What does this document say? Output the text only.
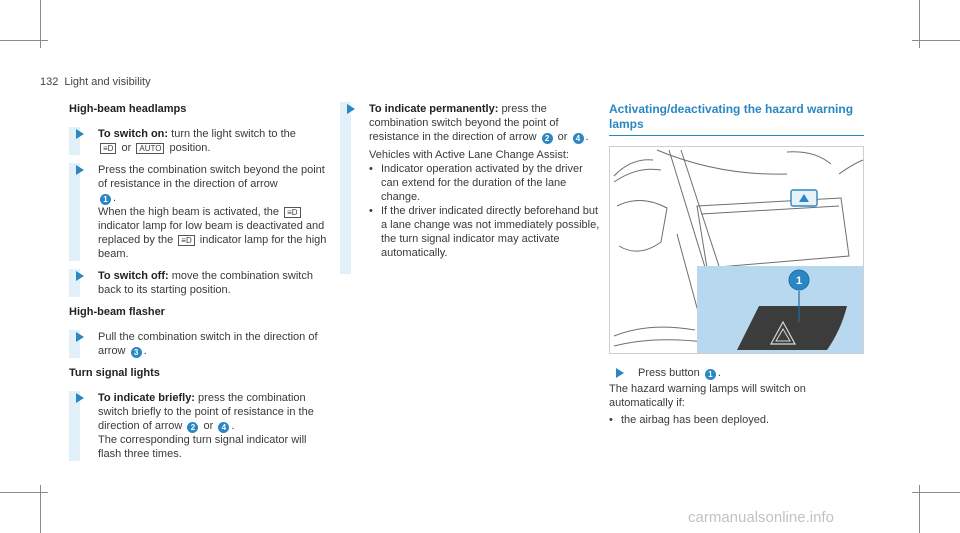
132 Light and visibility

High-beam headlamps

To switch on: turn the light switch to the
≡D or AUTO position.

Press the combination switch beyond the point of resistance in the direction of arrow
1 .

When the high beam is activated, the ≡D indicator lamp for low beam is deactivated and replaced by the ≡D indicator lamp for the high beam.

To switch off: move the combination switch back to its starting position.

High-beam flasher

Pull the combination switch in the direction of arrow 3 .

Turn signal lights

To indicate briefly: press the combination switch briefly to the point of resistance in the direction of arrow 2 or 4 .

The corresponding turn signal indicator will flash three times.

To indicate permanently: press the combination switch beyond the point of resistance in the direction of arrow 2 or 4 .

Vehicles with Active Lane Change Assist:

• Indicator operation activated by the driver can extend for the duration of the lane change.

• If the driver indicated directly beforehand but a lane change was not immediately possible, the turn signal indicator may activate automatically.

Activating/deactivating the hazard warning lamps

1

Press button 1 .

The hazard warning lamps will switch on automatically if:

• the airbag has been deployed.

carmanualsonline.info
